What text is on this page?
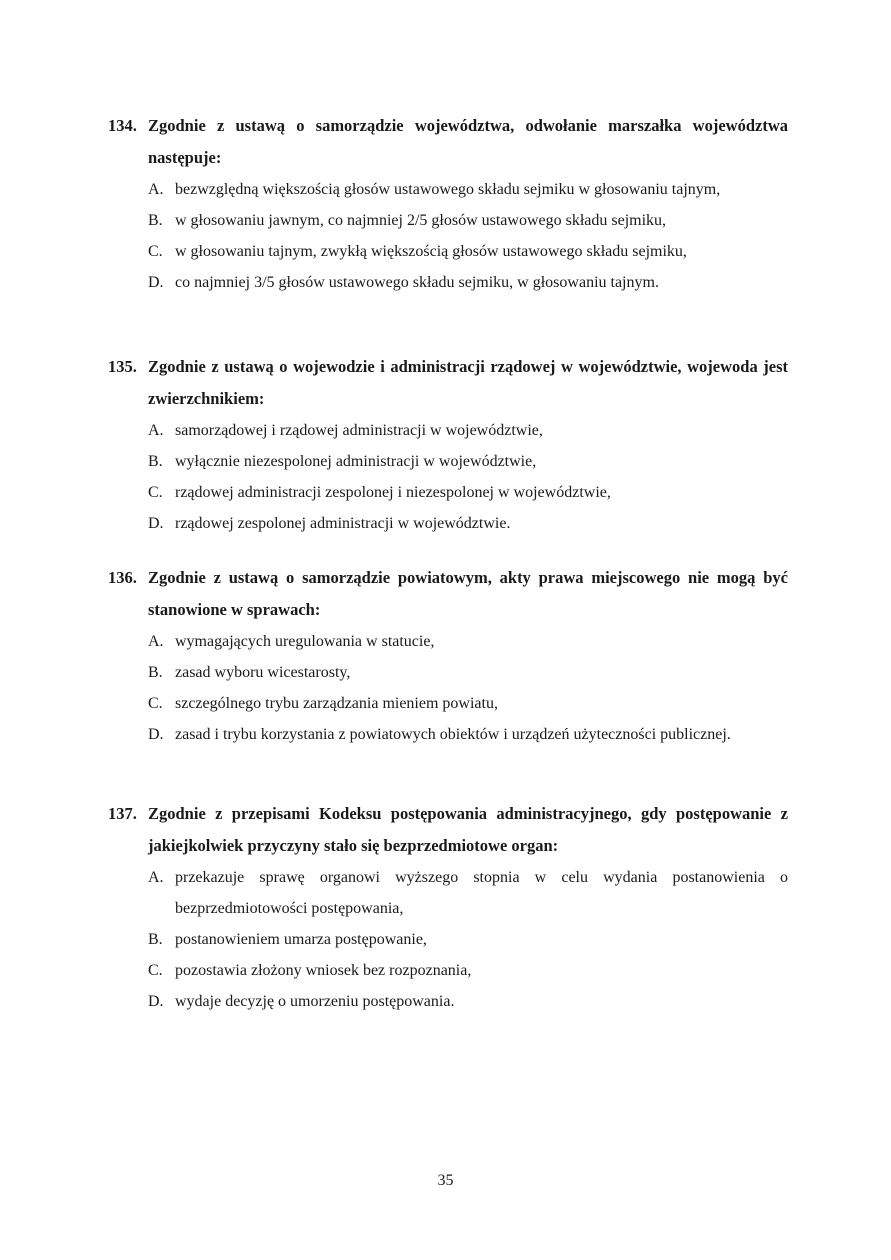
134. Zgodnie z ustawą o samorządzie województwa, odwołanie marszałka województwa następuje:
A. bezwzględną większością głosów ustawowego składu sejmiku w głosowaniu tajnym,
B. w głosowaniu jawnym, co najmniej 2/5 głosów ustawowego składu sejmiku,
C. w głosowaniu tajnym, zwykłą większością głosów ustawowego składu sejmiku,
D. co najmniej 3/5 głosów ustawowego składu sejmiku, w głosowaniu tajnym.
135. Zgodnie z ustawą o wojewodzie i administracji rządowej w województwie, wojewoda jest zwierzchnikiem:
A. samorządowej i rządowej administracji w województwie,
B. wyłącznie niezespolonej administracji w województwie,
C. rządowej administracji zespolonej i niezespolonej w województwie,
D. rządowej zespolonej administracji w województwie.
136. Zgodnie z ustawą o samorządzie powiatowym, akty prawa miejscowego nie mogą być stanowione w sprawach:
A. wymagających uregulowania w statucie,
B. zasad wyboru wicestarosty,
C. szczególnego trybu zarządzania mieniem powiatu,
D. zasad i trybu korzystania z powiatowych obiektów i urządzeń użyteczności publicznej.
137. Zgodnie z przepisami Kodeksu postępowania administracyjnego, gdy postępowanie z jakiejkolwiek przyczyny stało się bezprzedmiotowe organ:
A. przekazuje sprawę organowi wyższego stopnia w celu wydania postanowienia o bezprzedmiotowości postępowania,
B. postanowieniem umarza postępowanie,
C. pozostawia złożony wniosek bez rozpoznania,
D. wydaje decyzję o umorzeniu postępowania.
35
